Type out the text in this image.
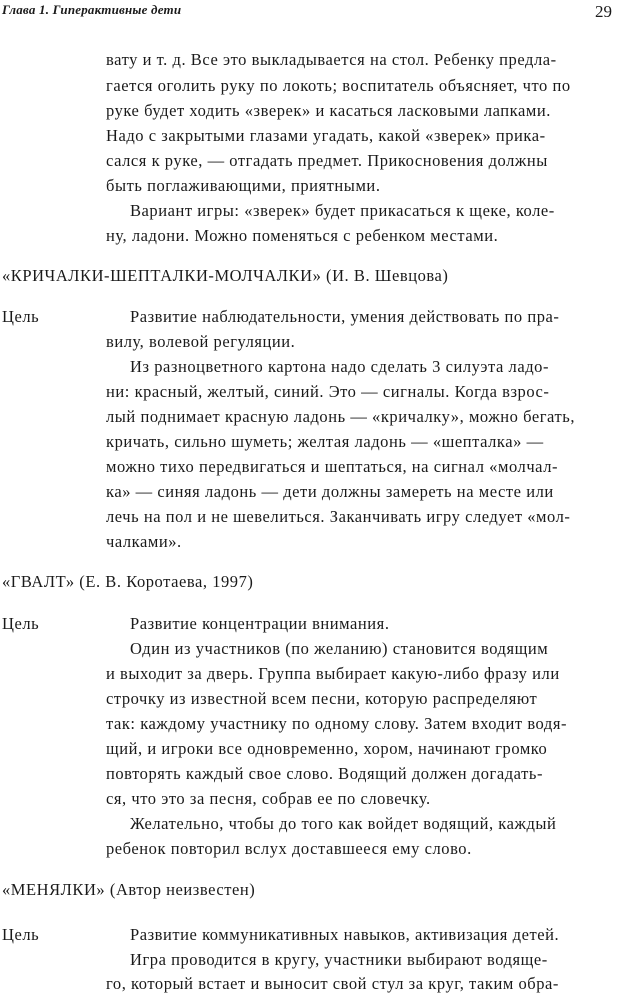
Глава 1. Гиперактивные дети	29
вату и т. д. Все это выкладывается на стол. Ребенку предла-
гается оголить руку по локоть; воспитатель объясняет, что по
руке будет ходить «зверек» и касаться ласковыми лапками.
Надо с закрытыми глазами угадать, какой «зверек» прика-
сался к руке, — отгадать предмет. Прикосновения должны
быть поглаживающими, приятными.
Вариант игры: «зверек» будет прикасаться к щеке, коле-
ну, ладони. Можно поменяться с ребенком местами.
«КРИЧАЛКИ-ШЕПТАЛКИ-МОЛЧАЛКИ» (И. В. Шевцова)
Цель	Развитие наблюдательности, умения действовать по пра-
вилу, волевой регуляции.
Из разноцветного картона надо сделать 3 силуэта ладо-
ни: красный, желтый, синий. Это — сигналы. Когда взрос-
лый поднимает красную ладонь — «кричалку», можно бегать,
кричать, сильно шуметь; желтая ладонь — «шепталка» —
можно тихо передвигаться и шептаться, на сигнал «молчал-
ка» — синяя ладонь — дети должны замереть на месте или
лечь на пол и не шевелиться. Заканчивать игру следует «мол-
чалками».
«ГВАЛТ» (Е. В. Коротаева, 1997)
Цель	Развитие концентрации внимания.
Один из участников (по желанию) становится водящим
и выходит за дверь. Группа выбирает какую-либо фразу или
строчку из известной всем песни, которую распределяют
так: каждому участнику по одному слову. Затем входит водя-
щий, и игроки все одновременно, хором, начинают громко
повторять каждый свое слово. Водящий должен догадать-
ся, что это за песня, собрав ее по словечку.
Желательно, чтобы до того как войдет водящий, каждый
ребенок повторил вслух доставшееся ему слово.
«МЕНЯЛКИ» (Автор неизвестен)
Цель	Развитие коммуникативных навыков, активизация детей.
Игра проводится в кругу, участники выбирают водяще-
го, который встает и выносит свой стул за круг, таким обра-
